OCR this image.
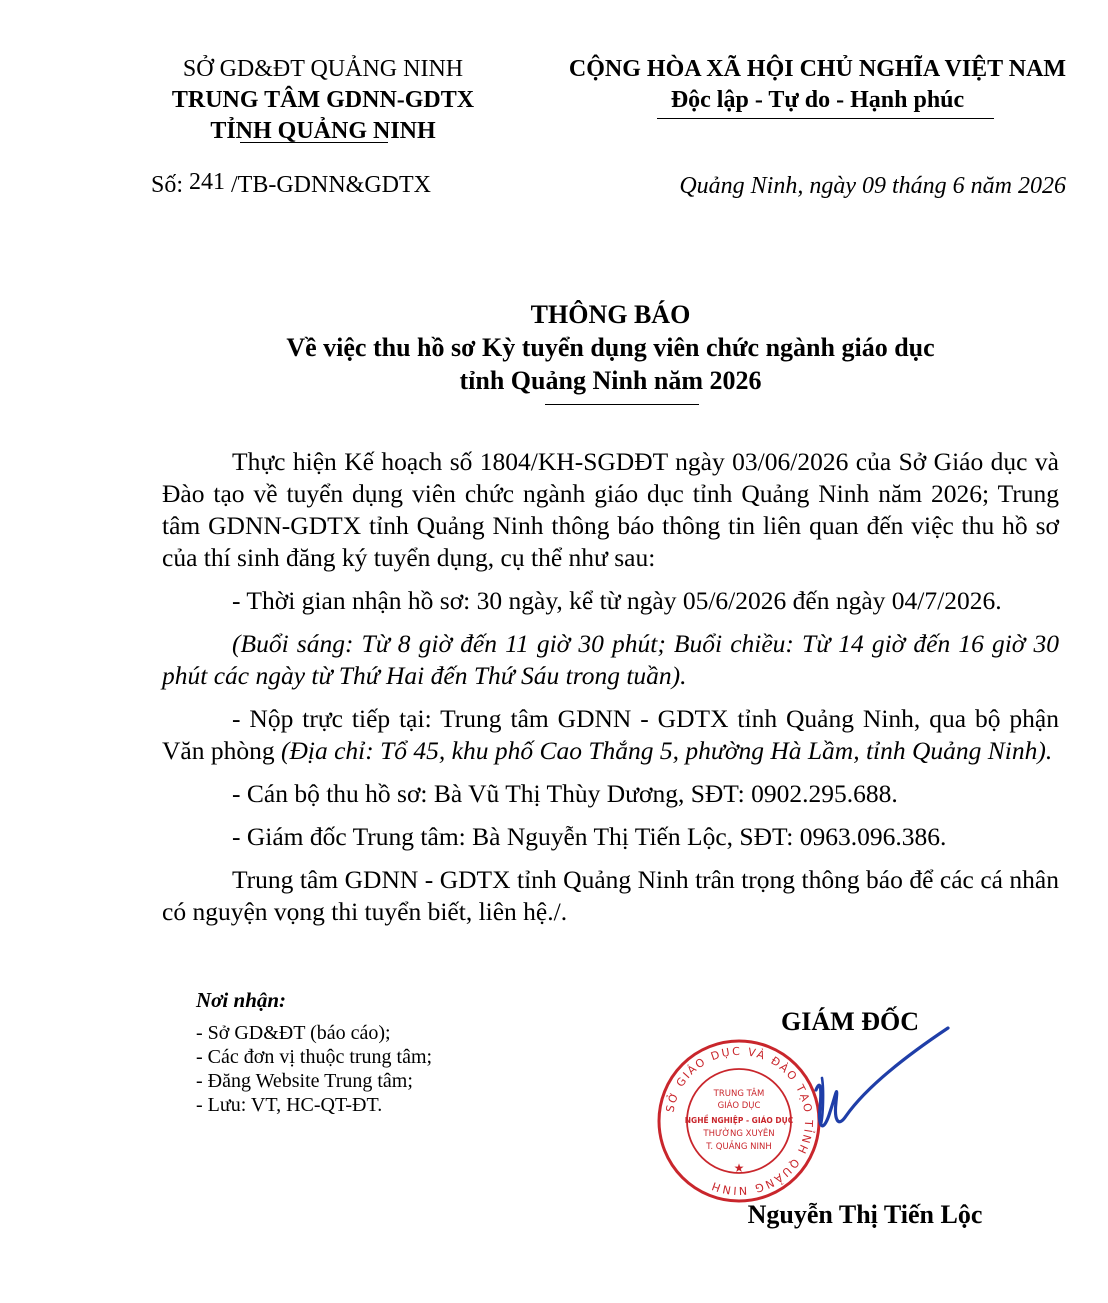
SỞ GD&ĐT QUẢNG NINH
TRUNG TÂM GDNN-GDTX
TỈNH QUẢNG NINH
CỘNG HÒA XÃ HỘI CHỦ NGHĨA VIỆT NAM
Độc lập - Tự do - Hạnh phúc
Số: 241 /TB-GDNN&GDTX	Quảng Ninh, ngày 09 tháng 6 năm 2026
THÔNG BÁO
Về việc thu hồ sơ Kỳ tuyển dụng viên chức ngành giáo dục
tỉnh Quảng Ninh năm 2026

Thực hiện Kế hoạch số 1804/KH-SGDĐT ngày 03/06/2026 của Sở Giáo dục và Đào tạo về tuyển dụng viên chức ngành giáo dục tỉnh Quảng Ninh năm 2026; Trung tâm GDNN-GDTX tỉnh Quảng Ninh thông báo thông tin liên quan đến việc thu hồ sơ của thí sinh đăng ký tuyển dụng, cụ thể như sau:

- Thời gian nhận hồ sơ: 30 ngày, kể từ ngày 05/6/2026 đến ngày 04/7/2026.

(Buổi sáng: Từ 8 giờ đến 11 giờ 30 phút; Buổi chiều: Từ 14 giờ đến 16 giờ 30 phút các ngày từ Thứ Hai đến Thứ Sáu trong tuần).

- Nộp trực tiếp tại: Trung tâm GDNN - GDTX tỉnh Quảng Ninh, qua bộ phận Văn phòng (Địa chỉ: Tổ 45, khu phố Cao Thắng 5, phường Hà Lầm, tỉnh Quảng Ninh).

- Cán bộ thu hồ sơ: Bà Vũ Thị Thùy Dương, SĐT: 0902.295.688.

- Giám đốc Trung tâm: Bà Nguyễn Thị Tiến Lộc, SĐT: 0963.096.386.

Trung tâm GDNN - GDTX tỉnh Quảng Ninh trân trọng thông báo để các cá nhân có nguyện vọng thi tuyển biết, liên hệ./.

Nơi nhận:
- Sở GD&ĐT (báo cáo);
- Các đơn vị thuộc trung tâm;
- Đăng Website Trung tâm;
- Lưu: VT, HC-QT-ĐT.
GIÁM ĐỐC
SỞ GIÁO DỤC VÀ ĐÀO TẠO TỈNH QUẢNG NINH
★
TRUNG TÂM
GIÁO DỤC
NGHỀ NGHIỆP - GIÁO DỤC
THƯỜNG XUYÊN
T. QUẢNG NINH
Nguyễn Thị Tiến Lộc
